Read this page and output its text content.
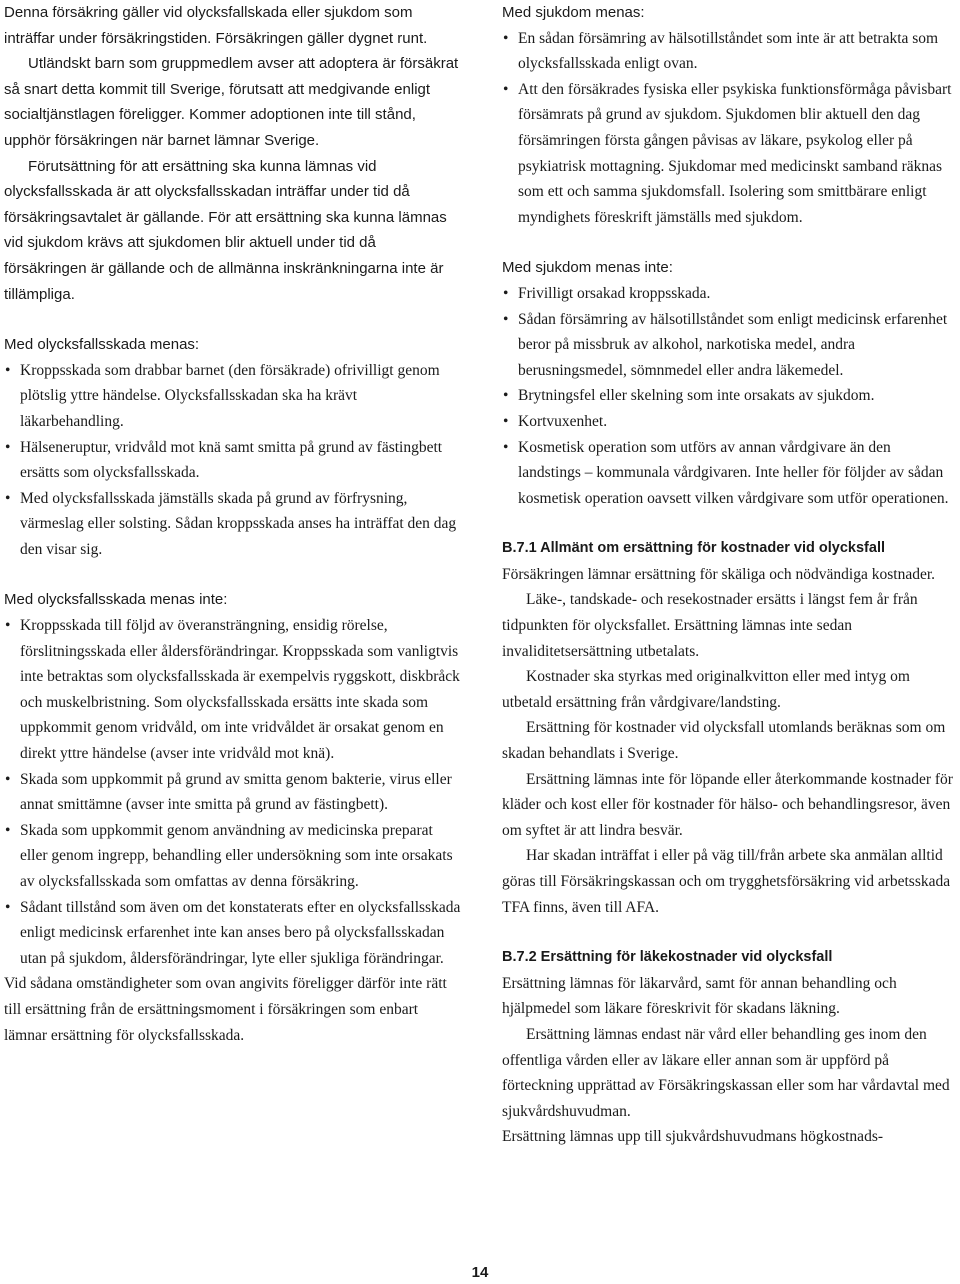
Denna försäkring gäller vid olycksfallskada eller sjukdom som inträffar under försäkringstiden. Försäkringen gäller dygnet runt.

Utländskt barn som gruppmedlem avser att adoptera är försäkrat så snart detta kommit till Sverige, förutsatt att medgivande enligt socialtjänstlagen föreligger. Kommer adoptionen inte till stånd, upphör försäkringen när barnet lämnar Sverige.

Förutsättning för att ersättning ska kunna lämnas vid olycksfallsskada är att olycksfallsskadan inträffar under tid då försäkringsavtalet är gällande. För att ersättning ska kunna lämnas vid sjukdom krävs att sjukdomen blir aktuell under tid då försäkringen är gällande och de allmänna inskränkningarna inte är tillämpliga.

Med olycksfallsskada menas:

• Kroppsskada som drabbar barnet (den försäkrade) ofrivilligt genom plötslig yttre händelse. Olycksfallsskadan ska ha krävt läkarbehandling.
• Hälseneruptur, vridvåld mot knä samt smitta på grund av fästingbett ersätts som olycksfallsskada.
• Med olycksfallsskada jämställs skada på grund av förfrysning, värmeslag eller solsting. Sådan kroppsskada anses ha inträffat den dag den visar sig.

Med olycksfallsskada menas inte:

• Kroppsskada till följd av överansträngning, ensidig rörelse, förslitningsskada eller åldersförändringar. Kroppsskada som vanligtvis inte betraktas som olycksfallsskada är exempelvis ryggskott, diskbråck och muskelbristning. Som olycksfallsskada ersätts inte skada som uppkommit genom vridvåld, om inte vridvåldet är orsakat genom en direkt yttre händelse (avser inte vridvåld mot knä).
• Skada som uppkommit på grund av smitta genom bakterie, virus eller annat smittämne (avser inte smitta på grund av fästingbett).
• Skada som uppkommit genom användning av medicinska preparat eller genom ingrepp, behandling eller undersökning som inte orsakats av olycksfallsskada som omfattas av denna försäkring.
• Sådant tillstånd som även om det konstaterats efter en olycksfallsskada enligt medicinsk erfarenhet inte kan anses bero på olycksfallsskadan utan på sjukdom, åldersförändringar, lyte eller sjukliga förändringar.

Vid sådana omständigheter som ovan angivits föreligger därför inte rätt till ersättning från de ersättningsmoment i försäkringen som enbart lämnar ersättning för olycksfallsskada.

Med sjukdom menas:

• En sådan försämring av hälsotillståndet som inte är att betrakta som olycksfallsskada enligt ovan.
• Att den försäkrades fysiska eller psykiska funktionsförmåga påvisbart försämrats på grund av sjukdom. Sjukdomen blir aktuell den dag försämringen första gången påvisas av läkare, psykolog eller på psykiatrisk mottagning. Sjukdomar med medicinskt samband räknas som ett och samma sjukdomsfall. Isolering som smittbärare enligt myndighets föreskrift jämställs med sjukdom.

Med sjukdom menas inte:

• Frivilligt orsakad kroppsskada.
• Sådan försämring av hälsotillståndet som enligt medicinsk erfarenhet beror på missbruk av alkohol, narkotiska medel, andra berusningsmedel, sömnmedel eller andra läkemedel.
• Brytningsfel eller skelning som inte orsakats av sjukdom.
• Kortvuxenhet.
• Kosmetisk operation som utförs av annan vårdgivare än den landstings – kommunala vårdgivaren. Inte heller för följder av sådan kosmetisk operation oavsett vilken vårdgivare som utför operationen.

B.7.1 Allmänt om ersättning för kostnader vid olycksfall

Försäkringen lämnar ersättning för skäliga och nödvändiga kostnader.

Läke-, tandskade- och resekostnader ersätts i längst fem år från tidpunkten för olycksfallet. Ersättning lämnas inte sedan invaliditetsersättning utbetalats.

Kostnader ska styrkas med originalkvitton eller med intyg om utbetald ersättning från vårdgivare/landsting.

Ersättning för kostnader vid olycksfall utomlands beräknas som om skadan behandlats i Sverige.

Ersättning lämnas inte för löpande eller återkommande kostnader för kläder och kost eller för kostnader för hälso- och behandlingsresor, även om syftet är att lindra besvär.

Har skadan inträffat i eller på väg till/från arbete ska anmälan alltid göras till Försäkringskassan och om trygghetsförsäkring vid arbetsskada TFA finns, även till AFA.

B.7.2 Ersättning för läkekostnader vid olycksfall

Ersättning lämnas för läkarvård, samt för annan behandling och hjälpmedel som läkare föreskrivit för skadans läkning.

Ersättning lämnas endast när vård eller behandling ges inom den offentliga vården eller av läkare eller annan som är uppförd på förteckning upprättad av Försäkringskassan eller som har vårdavtal med sjukvårdshuvudman.

Ersättning lämnas upp till sjukvårdshuvudmans högkostnads-

14
